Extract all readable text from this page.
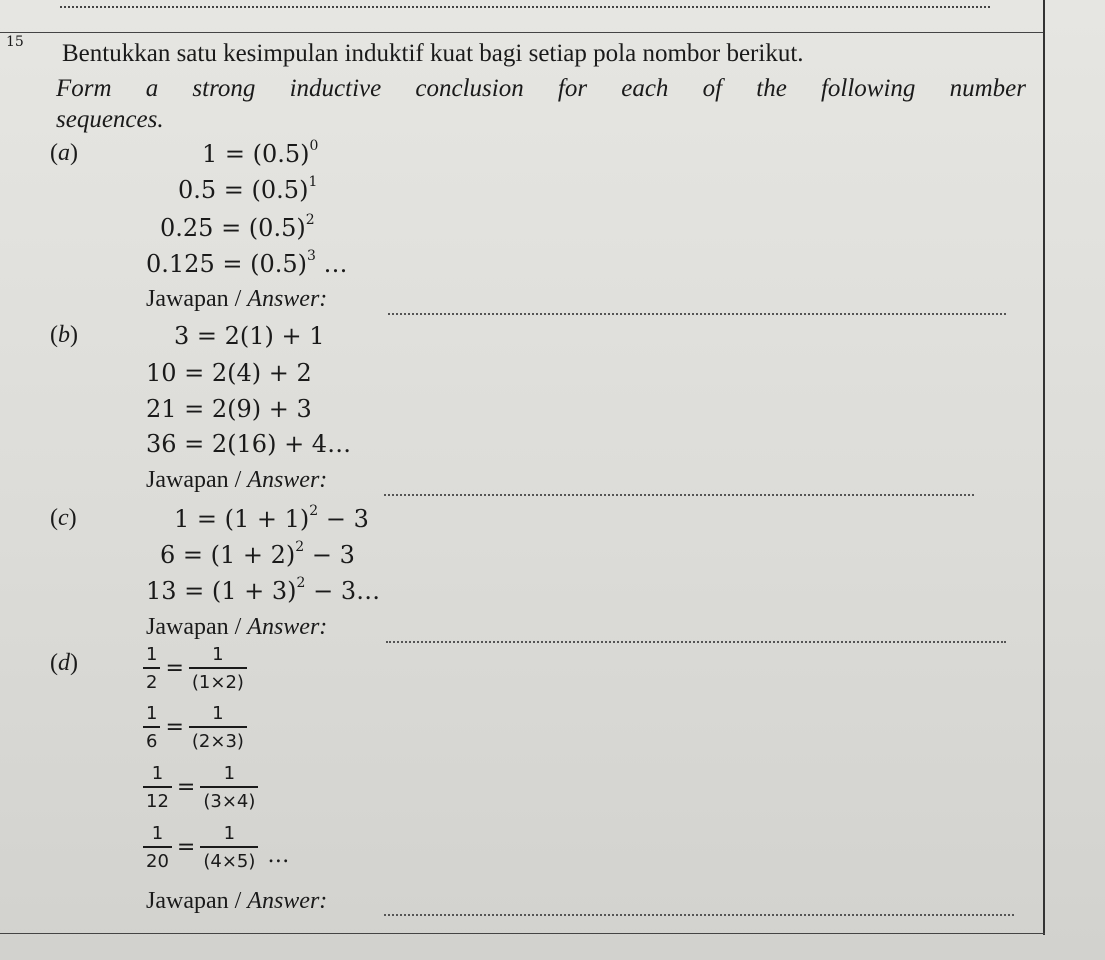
15 Bentukkan satu kesimpulan induktif kuat bagi setiap pola nombor berikut.
Form a strong inductive conclusion for each of the following number
sequences.
(a)	$1 = (0.5)^0$
$0.5 = (0.5)^1$
$0.25 = (0.5)^2$
$0.125 = (0.5)^3$ …
Jawapan / Answer:
(b)	3 = 2(1) + 1
10 = 2(4) + 2
21 = 2(9) + 3
36 = 2(16) + 4…
Jawapan / Answer:
(c)	$1 = (1 + 1)^2 - 3$
$6 = (1 + 2)^2 - 3$
$13 = (1 + 3)^2$ − 3…
Jawapan / Answer:
(d)	$\frac{1}{2} = \frac{1}{(1\times 2)}$
$\frac{1}{6} = \frac{1}{(2\times 3)}$
$\frac{1}{12} = \frac{1}{(3\times 4)}$
$\frac{1}{20} = \frac{1}{(4\times 5)}$ …
Jawapan / Answer:
